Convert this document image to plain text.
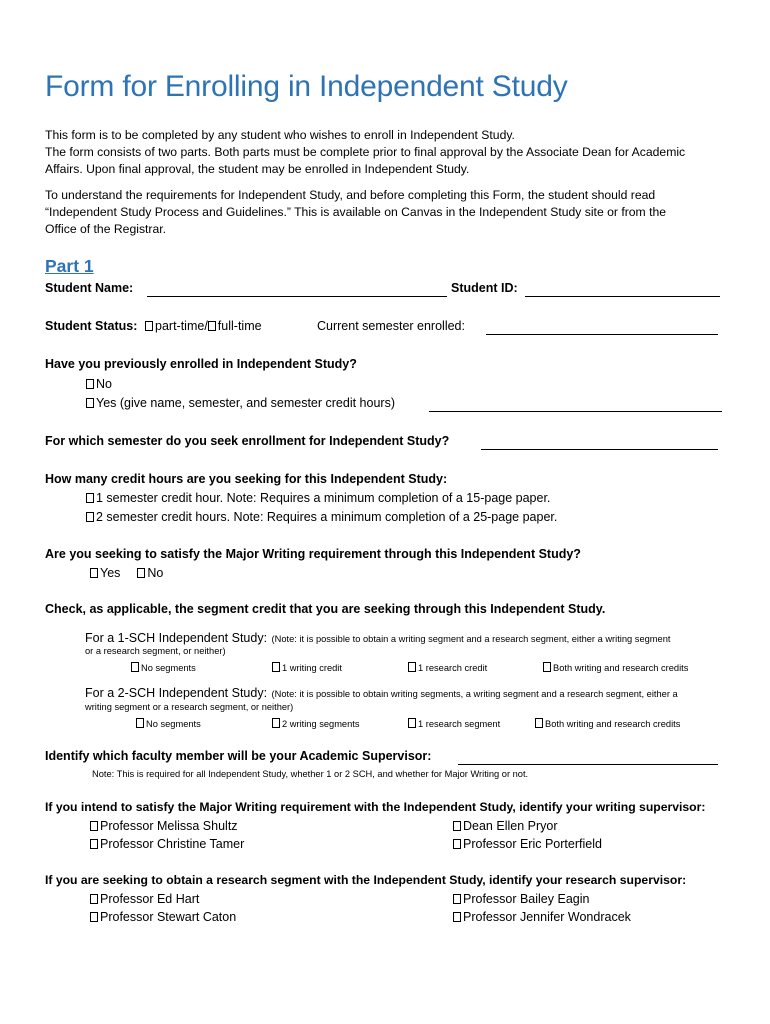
Form for Enrolling in Independent Study
This form is to be completed by any student who wishes to enroll in Independent Study.
The form consists of two parts. Both parts must be complete prior to final approval by the Associate Dean for Academic
Affairs. Upon final approval, the student may be enrolled in Independent Study.
To understand the requirements for Independent Study, and before completing this Form, the student should read
“Independent Study Process and Guidelines.” This is available on Canvas in the Independent Study site or from the
Office of the Registrar.
Part 1
Student Name:	Student ID:
Student Status:	part-time/ full-time	Current semester enrolled:
Have you previously enrolled in Independent Study?
No
Yes (give name, semester, and semester credit hours)
For which semester do you seek enrollment for Independent Study?
How many credit hours are you seeking for this Independent Study:
1 semester credit hour. Note: Requires a minimum completion of a 15-page paper.
2 semester credit hours. Note: Requires a minimum completion of a 25-page paper.
Are you seeking to satisfy the Major Writing requirement through this Independent Study?
Yes No
Check, as applicable, the segment credit that you are seeking through this Independent Study.
For a 1-SCH Independent Study: (Note: it is possible to obtain a writing segment and a research segment, either a writing segment
or a research segment, or neither)
No segments	1 writing credit	1 research credit	Both writing and research credits
For a 2-SCH Independent Study: (Note: it is possible to obtain writing segments, a writing segment and a research segment, either a
writing segment or a research segment, or neither)
No segments	2 writing segments	1 research segment	Both writing and research credits
Identify which faculty member will be your Academic Supervisor:
Note: This is required for all Independent Study, whether 1 or 2 SCH, and whether for Major Writing or not.
If you intend to satisfy the Major Writing requirement with the Independent Study, identify your writing supervisor:
Professor Melissa Shultz	Dean Ellen Pryor
Professor Christine Tamer	Professor Eric Porterfield
If you are seeking to obtain a research segment with the Independent Study, identify your research supervisor:
Professor Ed Hart	Professor Bailey Eagin
Professor Stewart Caton	Professor Jennifer Wondracek
